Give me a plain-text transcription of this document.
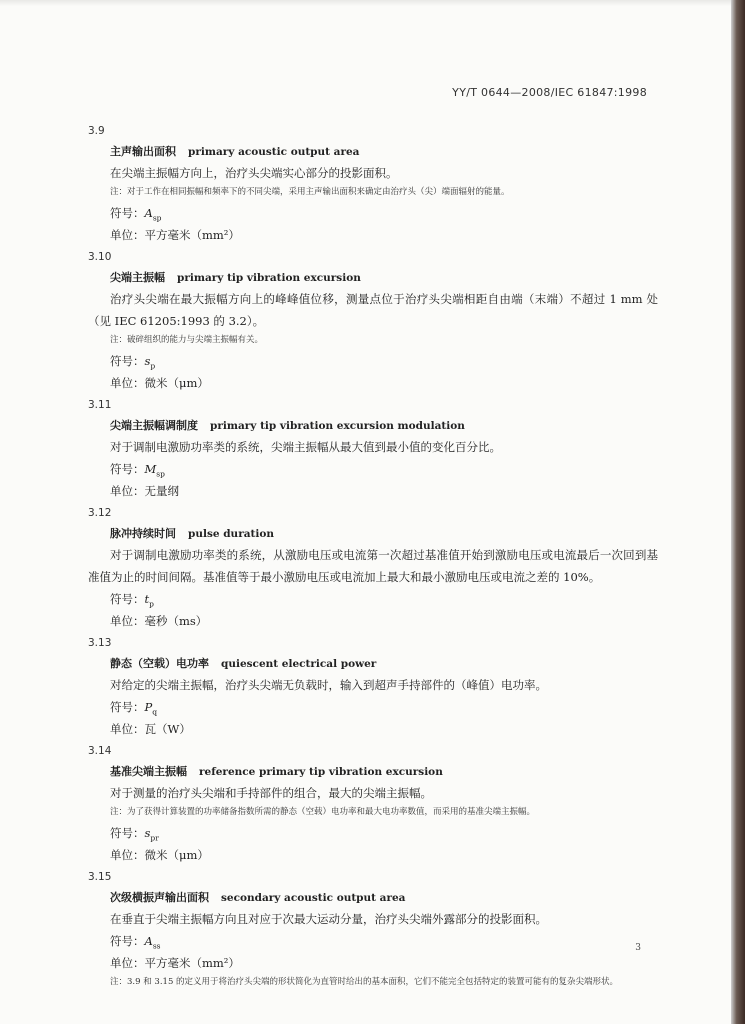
YY/T 0644—2008/IEC 61847:1998
3.9
主声输出面积 primary acoustic output area
在尖端主振幅方向上，治疗头尖端实心部分的投影面积。
注：对于工作在相同振幅和频率下的不同尖端，采用主声输出面积来确定由治疗头（尖）端面辐射的能量。
符号：$A_{sp}$
单位：平方毫米（mm²）
3.10
尖端主振幅 primary tip vibration excursion
治疗头尖端在最大振幅方向上的峰峰值位移，测量点位于治疗头尖端相距自由端（末端）不超过 1 mm 处（见 IEC 61205:1993 的 3.2）。
注：破碎组织的能力与尖端主振幅有关。
符号：$s_p$
单位：微米（μm）
3.11
尖端主振幅调制度 primary tip vibration excursion modulation
对于调制电激励功率类的系统，尖端主振幅从最大值到最小值的变化百分比。
符号：$M_{sp}$
单位：无量纲
3.12
脉冲持续时间 pulse duration
对于调制电激励功率类的系统，从激励电压或电流第一次超过基准值开始到激励电压或电流最后一次回到基准值为止的时间间隔。基准值等于最小激励电压或电流加上最大和最小激励电压或电流之差的 10%。
符号：$t_p$
单位：毫秒（ms）
3.13
静态（空载）电功率 quiescent electrical power
对给定的尖端主振幅，治疗头尖端无负载时，输入到超声手持部件的（峰值）电功率。
符号：$P_q$
单位：瓦（W）
3.14
基准尖端主振幅 reference primary tip vibration excursion
对于测量的治疗头尖端和手持部件的组合，最大的尖端主振幅。
注：为了获得计算装置的功率储备指数所需的静态（空载）电功率和最大电功率数值，而采用的基准尖端主振幅。
符号：$s_{pr}$
单位：微米（μm）
3.15
次级横振声输出面积 secondary acoustic output area
在垂直于尖端主振幅方向且对应于次最大运动分量，治疗头尖端外露部分的投影面积。
符号：$A_{ss}$
单位：平方毫米（mm²）
注：3.9 和 3.15 的定义用于将治疗头尖端的形状简化为直管时给出的基本面积，它们不能完全包括特定的装置可能有的复杂尖端形状。
3
